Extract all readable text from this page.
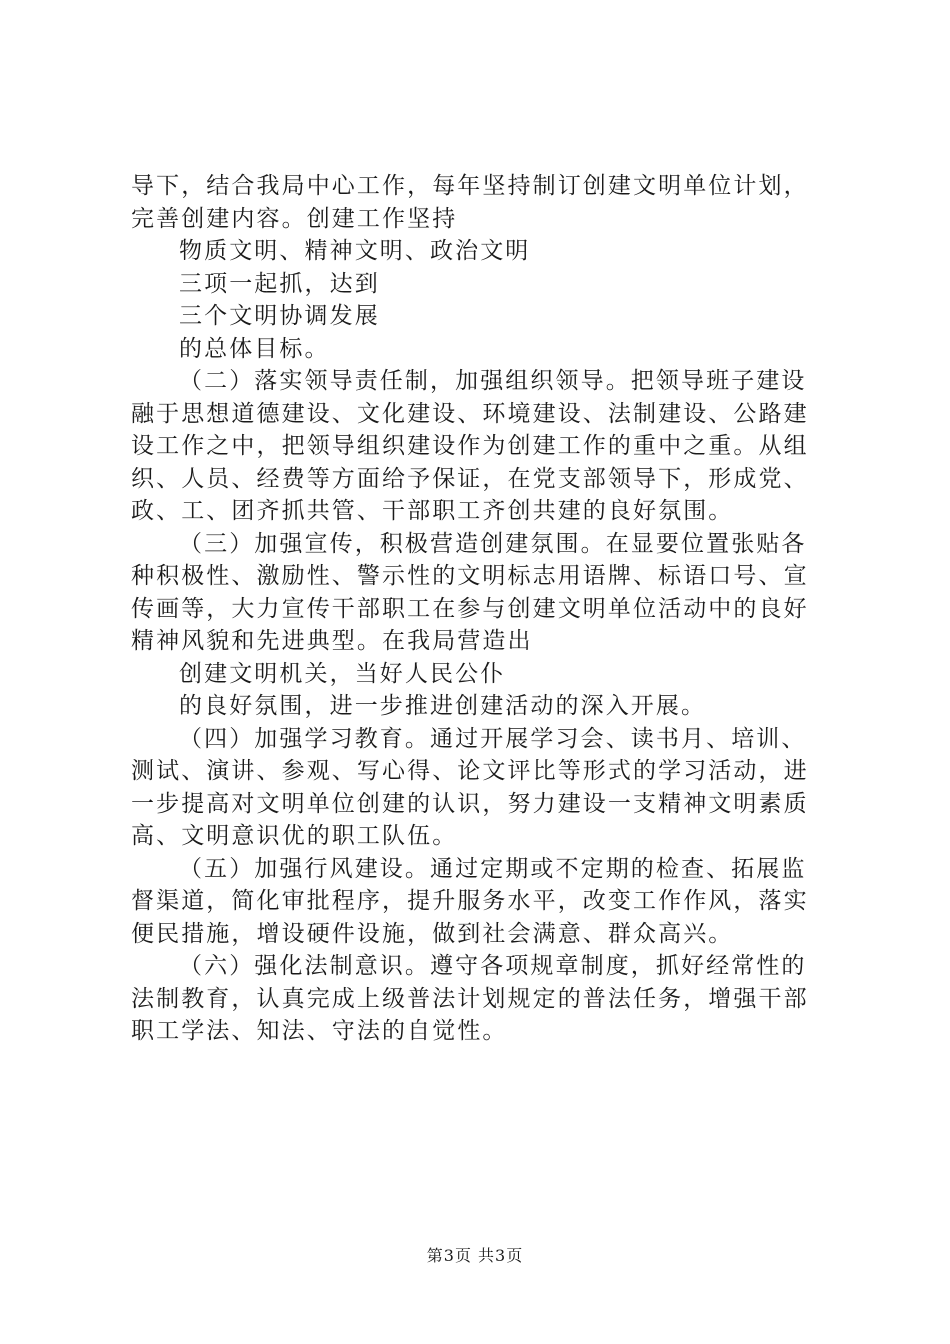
导下，结合我局中心工作，每年坚持制订创建文明单位计划，
完善创建内容。创建工作坚持
物质文明、精神文明、政治文明
三项一起抓，达到
三个文明协调发展
的总体目标。
（二）落实领导责任制，加强组织领导。把领导班子建设
融于思想道德建设、文化建设、环境建设、法制建设、公路建
设工作之中，把领导组织建设作为创建工作的重中之重。从组
织、人员、经费等方面给予保证，在党支部领导下，形成党、
政、工、团齐抓共管、干部职工齐创共建的良好氛围。
（三）加强宣传，积极营造创建氛围。在显要位置张贴各
种积极性、激励性、警示性的文明标志用语牌、标语口号、宣
传画等，大力宣传干部职工在参与创建文明单位活动中的良好
精神风貌和先进典型。在我局营造出
创建文明机关，当好人民公仆
的良好氛围，进一步推进创建活动的深入开展。
（四）加强学习教育。通过开展学习会、读书月、培训、
测试、演讲、参观、写心得、论文评比等形式的学习活动，进
一步提高对文明单位创建的认识，努力建设一支精神文明素质
高、文明意识优的职工队伍。
（五）加强行风建设。通过定期或不定期的检查、拓展监
督渠道，简化审批程序，提升服务水平，改变工作作风，落实
便民措施，增设硬件设施，做到社会满意、群众高兴。
（六）强化法制意识。遵守各项规章制度，抓好经常性的
法制教育，认真完成上级普法计划规定的普法任务，增强干部
职工学法、知法、守法的自觉性。
第3页 共3页
